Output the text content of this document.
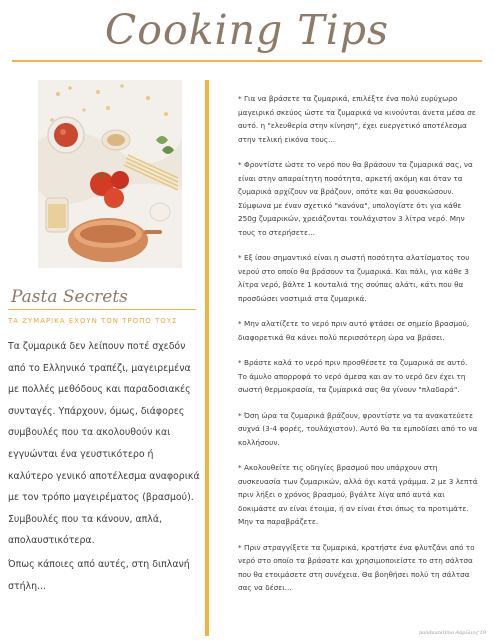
Cooking Tips
Pasta Secrets
ΤΑ ΖΥΜΑΡΙΚΑ ΕΧΟΥΝ ΤΟΝ ΤΡΟΠΟ ΤΟΥΣ

Τα ζυμαρικά δεν λείπουν ποτέ σχεδόν από το Ελληνικό τραπέζι, μαγειρεμένα με πολλές μεθόδους και παραδοσιακές συνταγές. Υπάρχουν, όμως, διάφορες συμβουλές που τα ακολουθούν και εγγυώνται ένα γευστικότερο ή καλύτερο γενικό αποτέλεσμα αναφορικά με τον τρόπο μαγειρέματος (βρασμού). Συμβουλές που τα κάνουν, απλά, απολαυστικότερα.

Όπως κάποιες από αυτές, στη διπλανή στήλη...

* Για να βράσετε τα ζυμαρικά, επιλέξτε ένα πολύ ευρύχωρο μαγειρικό σκεύος ώστε τα ζυμαρικά να κινούνται άνετα μέσα σε αυτό. η "ελευθερία στην κίνηση", έχει ευεργετικό αποτέλεσμα στην τελική εικόνα τους...

* Φροντίστε ώστε το νερό που θα βράσουν τα ζυμαρικά σας, να είναι στην απαραίτητη ποσότητα, αρκετή ακόμη και όταν τα ζυμαρικά αρχίζουν να βράζουν, οπότε και θα φουσκώσουν. Σύμφωνα με έναν σχετικό "κανόνα", υπολογίστε ότι για κάθε 250g ζυμαρικών, χρειάζονται τουλάχιστον 3 λίτρα νερό. Μην τους το στερήσετε...

* Εξ ίσου σημαντικό είναι η σωστή ποσότητα αλατίσματος του νερού στο οποίο θα βράσουν τα ζυμαρικά. Και πάλι, για κάθε 3 λίτρα νερό, βάλτε 1 κουταλιά της σούπας αλάτι, κάτι που θα προσδώσει νοστιμιά στα ζυμαρικά.

* Μην αλατίζετε το νερό πριν αυτό φτάσει σε σημείο βρασμού, διαφορετικά θα κάνει πολύ περισσότερη ώρα να βράσει.

* Βράστε καλά το νερό πριν προσθέσετε τα ζυμαρικά σε αυτό. Το άμυλο απορροφά το νερό άμεσα και αν το νερό δεν έχει τη σωστή θερμοκρασία, τα ζυμαρικά σας θα γίνουν "πλαδαρά".

* Όση ώρα τα ζυμαρικά βράζουν, φροντίστε να τα ανακατεύετε συχνά (3-4 φορές, τουλάχιστον). Αυτό θα τα εμποδίσει από το να κολλήσουν.

* Ακολουθείτε τις οδηγίες βρασμού που υπάρχουν στη συσκευασία των ζυμαρικών, αλλά όχι κατά γράμμα. 2 με 3 λεπτά πριν λήξει ο χρόνος βρασμού, βγάλτε λίγα από αυτά και δοκιμάστε αν είναι έτοιμα, ή αν είναι έτσι όπως τα προτιμάτε. Μην τα παραβράζετε.

* Πριν στραγγίξετε τα ζυμαρικά, κρατήστε ένα φλυτζάνι από το νερό στο οποίο τα βράσατε και χρησιμοποιείστε το στη σάλτσα που θα ετοιμάσετε στη συνέχεια. Θα βοηθήσει πολύ τη σάλτσα σας να δέσει...

pandaunitimo Απρίλιος'19
